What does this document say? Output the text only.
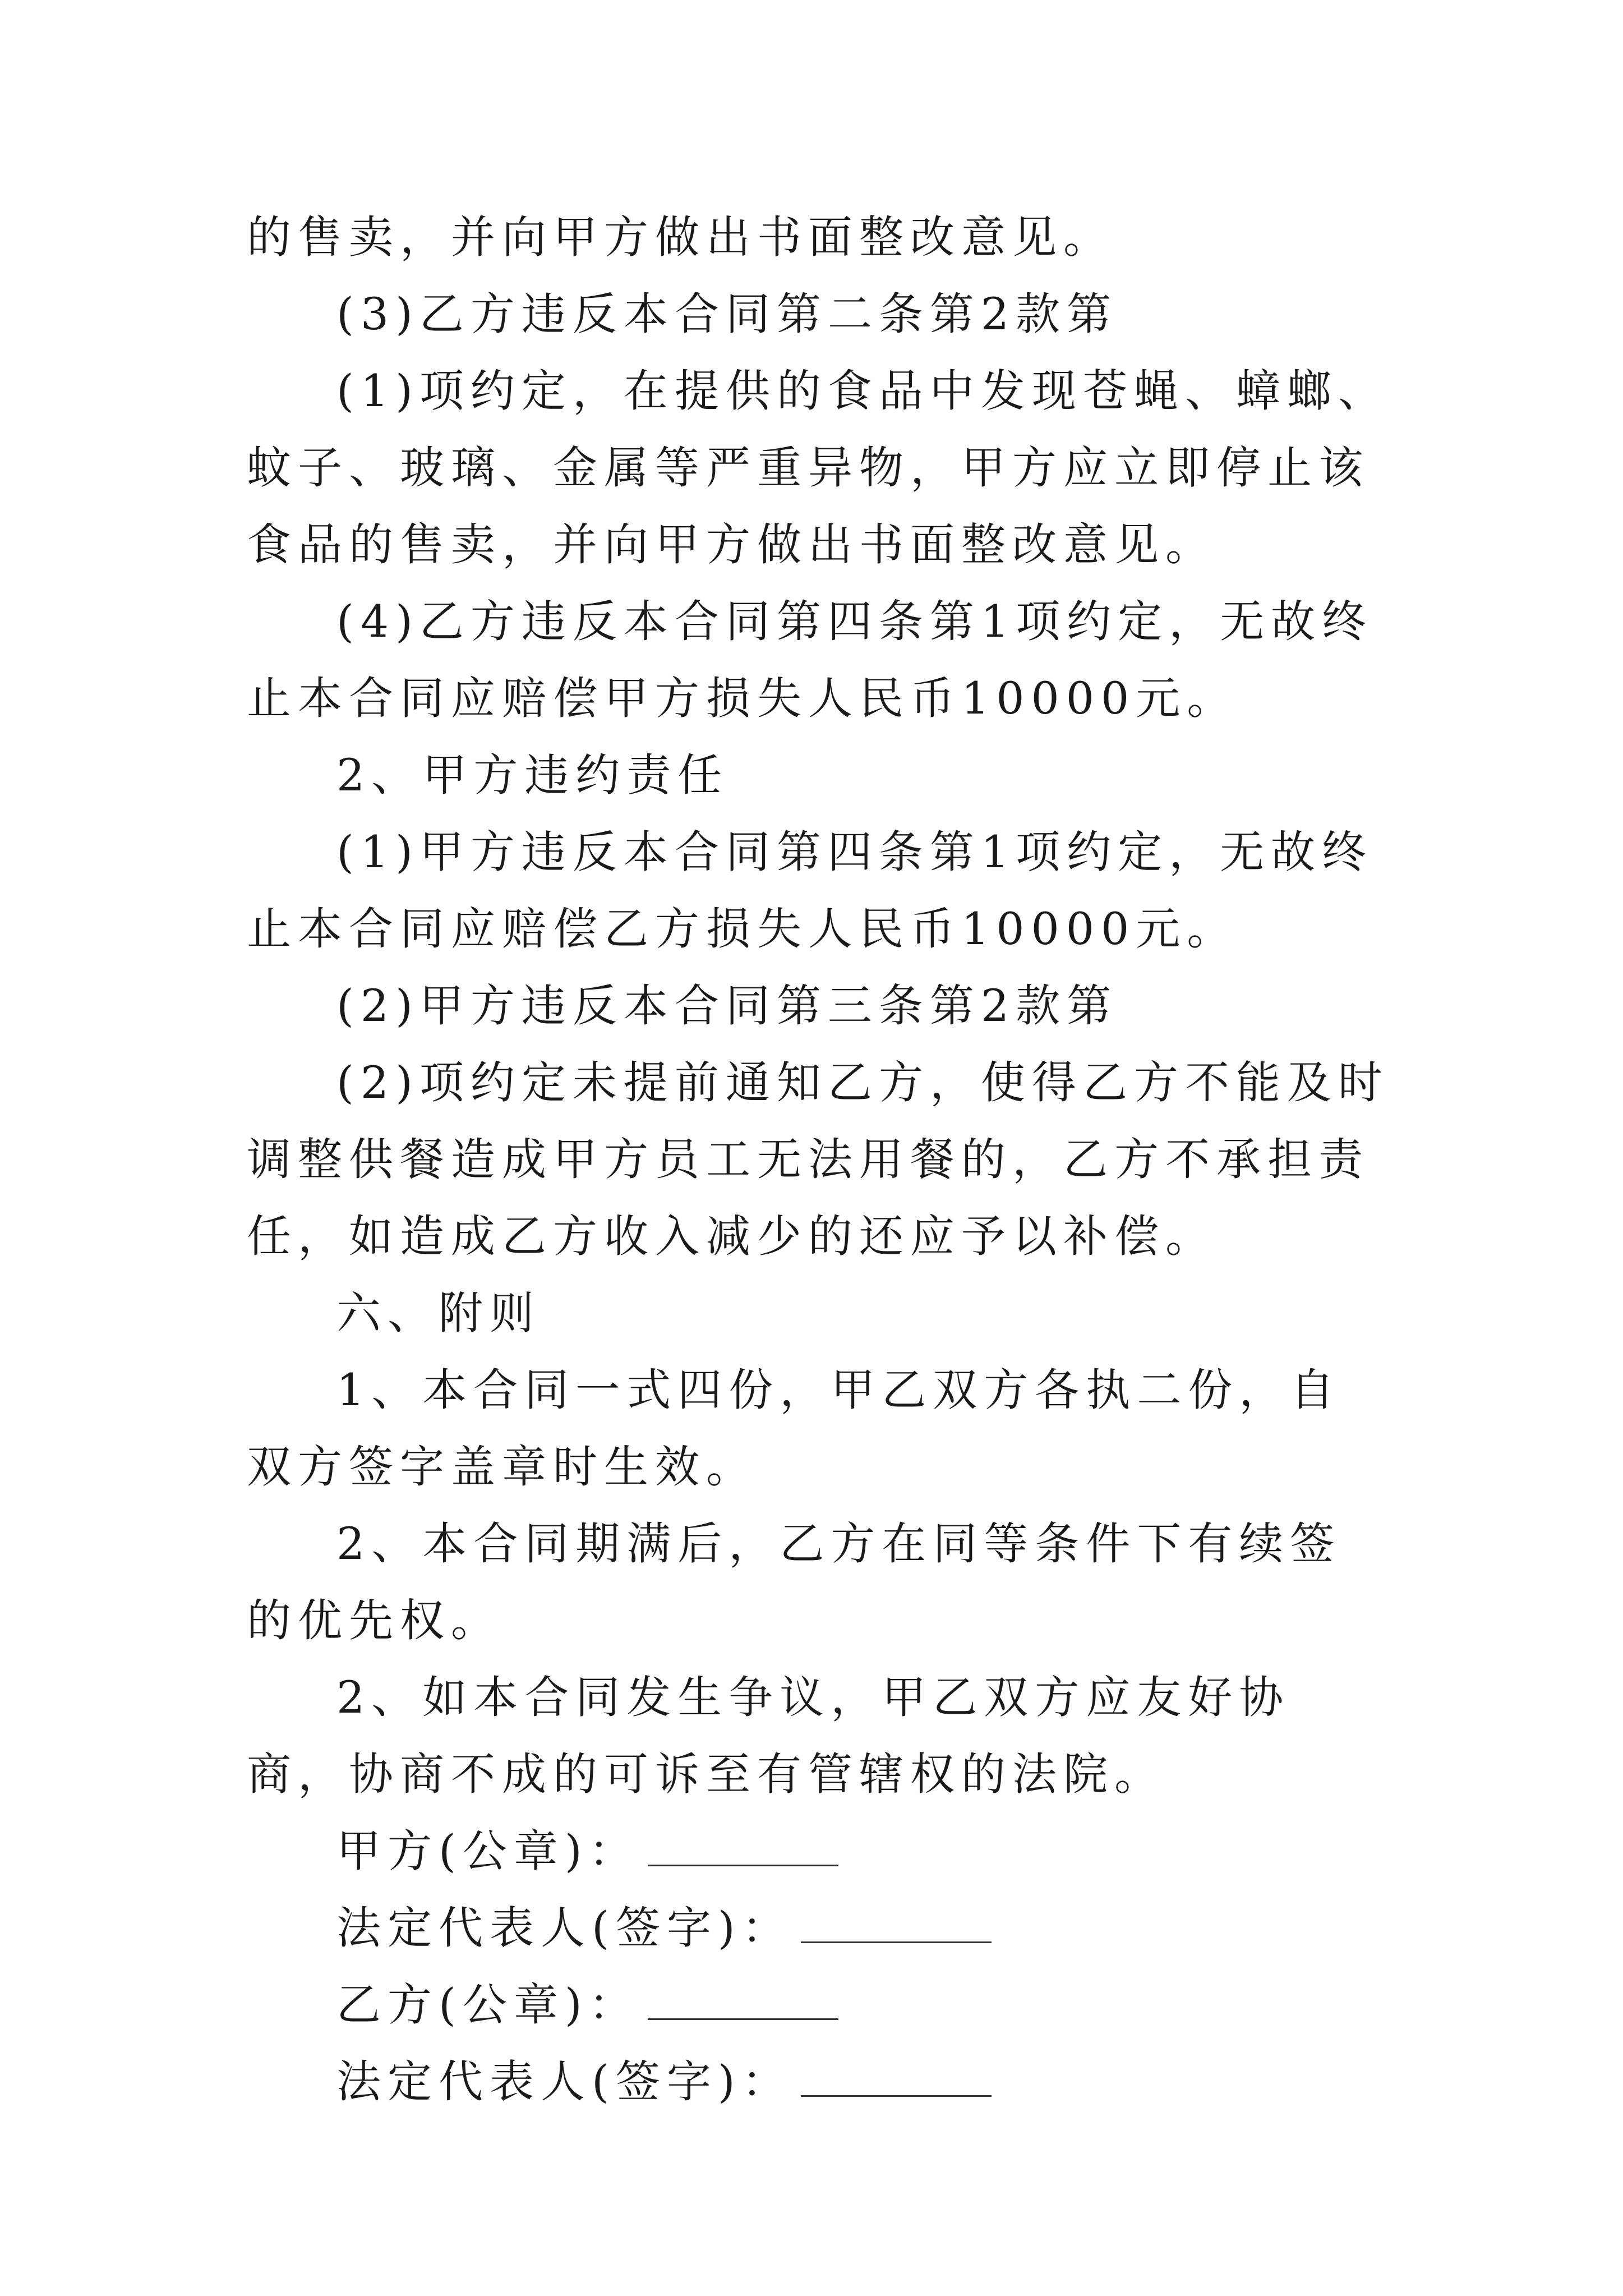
的售卖，并向甲方做出书面整改意见。

(3)乙方违反本合同第二条第2款第

(1)项约定，在提供的食品中发现苍蝇、蟑螂、蚊子、玻璃、金属等严重异物，甲方应立即停止该食品的售卖，并向甲方做出书面整改意见。

(4)乙方违反本合同第四条第1项约定，无故终止本合同应赔偿甲方损失人民币10000元。

2、甲方违约责任

(1)甲方违反本合同第四条第1项约定，无故终止本合同应赔偿乙方损失人民币10000元。

(2)甲方违反本合同第三条第2款第

(2)项约定未提前通知乙方，使得乙方不能及时调整供餐造成甲方员工无法用餐的，乙方不承担责任，如造成乙方收入减少的还应予以补偿。

六、附则

1、本合同一式四份，甲乙双方各执二份，自双方签字盖章时生效。

2、本合同期满后，乙方在同等条件下有续签的优先权。

2、如本合同发生争议，甲乙双方应友好协商，协商不成的可诉至有管辖权的法院。

甲方(公章)：
法定代表人(签字)：
乙方(公章)：
法定代表人(签字)：
